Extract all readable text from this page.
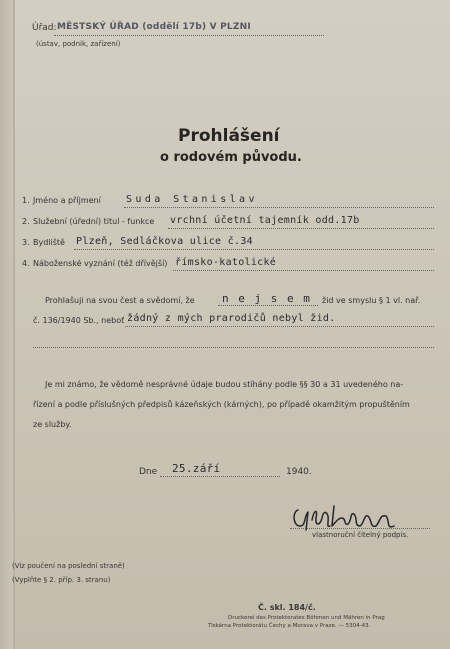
Úřad: MĚSTSKÝ ÚŘAD (oddělí 17b) V PLZNI
(ústav, podnik, zařízení)
Prohlášení
o rodovém původu.
1. Jméno a příjmení	Suda Stanislav
2. Služební (úřední) titul - funkce vrchní účetní tajemník odd.17b
3. Bydliště Plzeň, Sedláčkova ulice č.34
4. Náboženské vyznání (též dřívější) římsko-katolické
Prohlašuji na svou čest a svědomí, že n e j s e m žid ve smyslu § 1 vl. nař.
č. 136/1940 Sb., neboť žádný z mých prarodičů nebyl žid.
Je mi známo, že vědomě nesprávné údaje budou stíhány podle §§ 30 a 31 uvedeného na-
řízení a podle příslušných předpisů kázeňských (kárných), po případě okamžitým propuštěním
ze služby.
Dne 25.září	1940.
vlastnoruční čitelný podpis.
(Viz poučení na poslední straně)
(Vyplňte § 2. příp. 3. stranu)
Č. skl. 184/č.
Druckerei des Protektorates Böhmen und Mähren in Prag
Tiskárna Protektorátu Čechy a Morava v Praze. — 5304-43.
